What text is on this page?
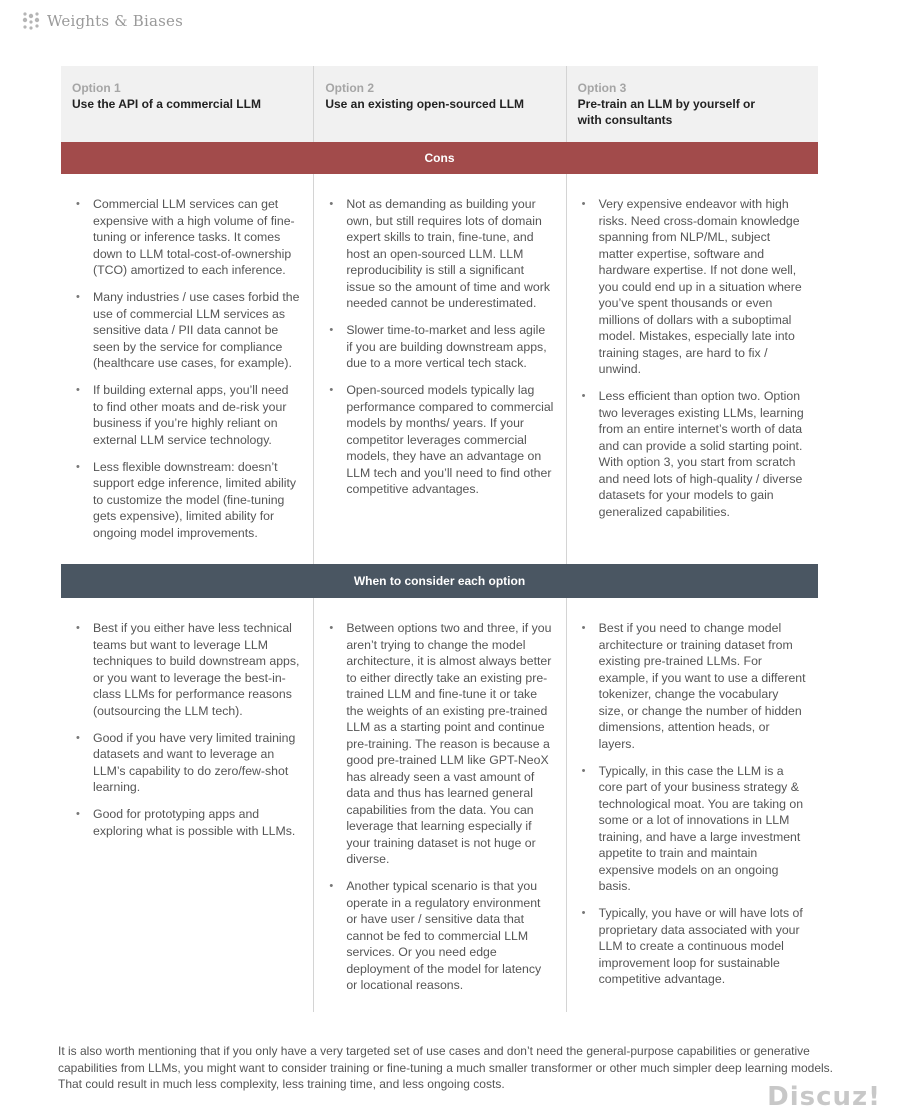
Weights & Biases
Option 1
Use the API of a commercial LLM
Option 2
Use an existing open-sourced LLM
Option 3
Pre-train an LLM by yourself or with consultants
Cons
• Commercial LLM services can get expensive with a high volume of fine-tuning or inference tasks. It comes down to LLM total-cost-of-ownership (TCO) amortized to each inference.
• Many industries / use cases forbid the use of commercial LLM services as sensitive data / PII data cannot be seen by the service for compliance (healthcare use cases, for example).
• If building external apps, you’ll need to find other moats and de-risk your business if you’re highly reliant on external LLM service technology.
• Less flexible downstream: doesn’t support edge inference, limited ability to customize the model (fine-tuning gets expensive), limited ability for ongoing model improvements.
• Not as demanding as building your own, but still requires lots of domain expert skills to train, fine-tune, and host an open-sourced LLM. LLM reproducibility is still a significant issue so the amount of time and work needed cannot be underestimated.
• Slower time-to-market and less agile if you are building downstream apps, due to a more vertical tech stack.
• Open-sourced models typically lag performance compared to commercial models by months/ years. If your competitor leverages commercial models, they have an advantage on LLM tech and you’ll need to find other competitive advantages.
• Very expensive endeavor with high risks. Need cross-domain knowledge spanning from NLP/ML, subject matter expertise, software and hardware expertise. If not done well, you could end up in a situation where you’ve spent thousands or even millions of dollars with a suboptimal model. Mistakes, especially late into training stages, are hard to fix / unwind.
• Less efficient than option two. Option two leverages existing LLMs, learning from an entire internet’s worth of data and can provide a solid starting point. With option 3, you start from scratch and need lots of high-quality / diverse datasets for your models to gain generalized capabilities.
When to consider each option
• Best if you either have less technical teams but want to leverage LLM techniques to build downstream apps, or you want to leverage the best-in-class LLMs for performance reasons (outsourcing the LLM tech).
• Good if you have very limited training datasets and want to leverage an LLM’s capability to do zero/few-shot learning.
• Good for prototyping apps and exploring what is possible with LLMs.
• Between options two and three, if you aren’t trying to change the model architecture, it is almost always better to either directly take an existing pre-trained LLM and fine-tune it or take the weights of an existing pre-trained LLM as a starting point and continue pre-training. The reason is because a good pre-trained LLM like GPT-NeoX has already seen a vast amount of data and thus has learned general capabilities from the data. You can leverage that learning especially if your training dataset is not huge or diverse.
• Another typical scenario is that you operate in a regulatory environment or have user / sensitive data that cannot be fed to commercial LLM services. Or you need edge deployment of the model for latency or locational reasons.
• Best if you need to change model architecture or training dataset from existing pre-trained LLMs. For example, if you want to use a different tokenizer, change the vocabulary size, or change the number of hidden dimensions, attention heads, or layers.
• Typically, in this case the LLM is a core part of your business strategy & technological moat. You are taking on some or a lot of innovations in LLM training, and have a large investment appetite to train and maintain expensive models on an ongoing basis.
• Typically, you have or will have lots of proprietary data associated with your LLM to create a continuous model improvement loop for sustainable competitive advantage.

It is also worth mentioning that if you only have a very targeted set of use cases and don’t need the general-purpose capabilities or generative capabilities from LLMs, you might want to consider training or fine-tuning a much smaller transformer or other much simpler deep learning models. That could result in much less complexity, less training time, and less ongoing costs.	Discuz!
